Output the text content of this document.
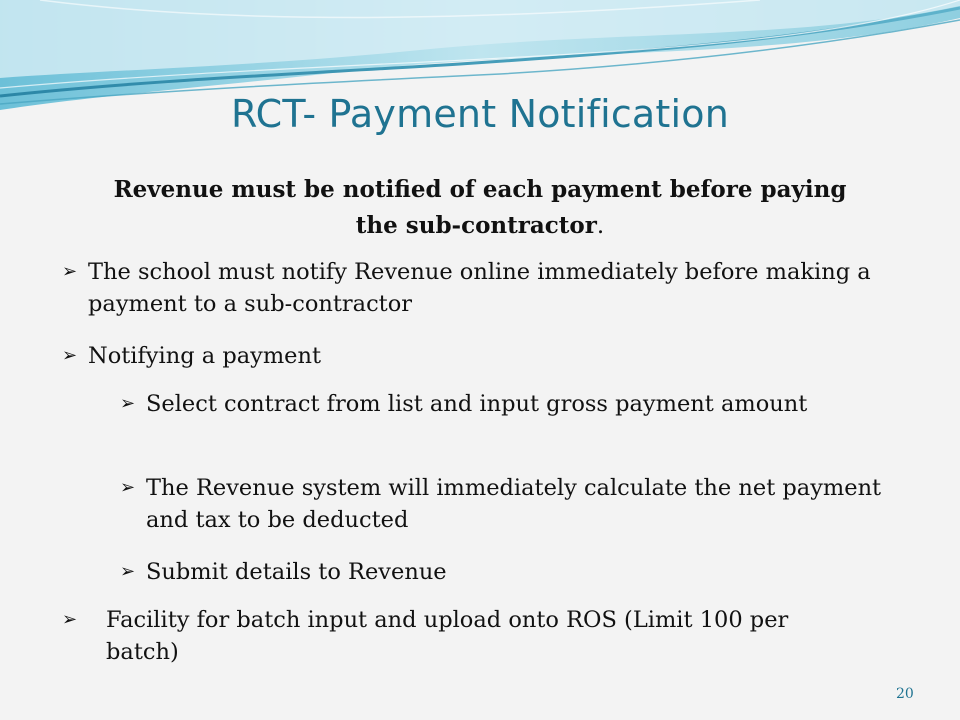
RCT- Payment Notification
Revenue must be notified of each payment before paying the sub-contractor.
➢ The school must notify Revenue online immediately before making a payment to a sub-contractor
➢ Notifying a payment
➢ Select contract from list and input gross payment amount
➢ The Revenue system will immediately calculate the net payment and tax to be deducted
➢ Submit details to Revenue
➢	Facility for batch input and upload onto ROS (Limit 100 per batch)
20
